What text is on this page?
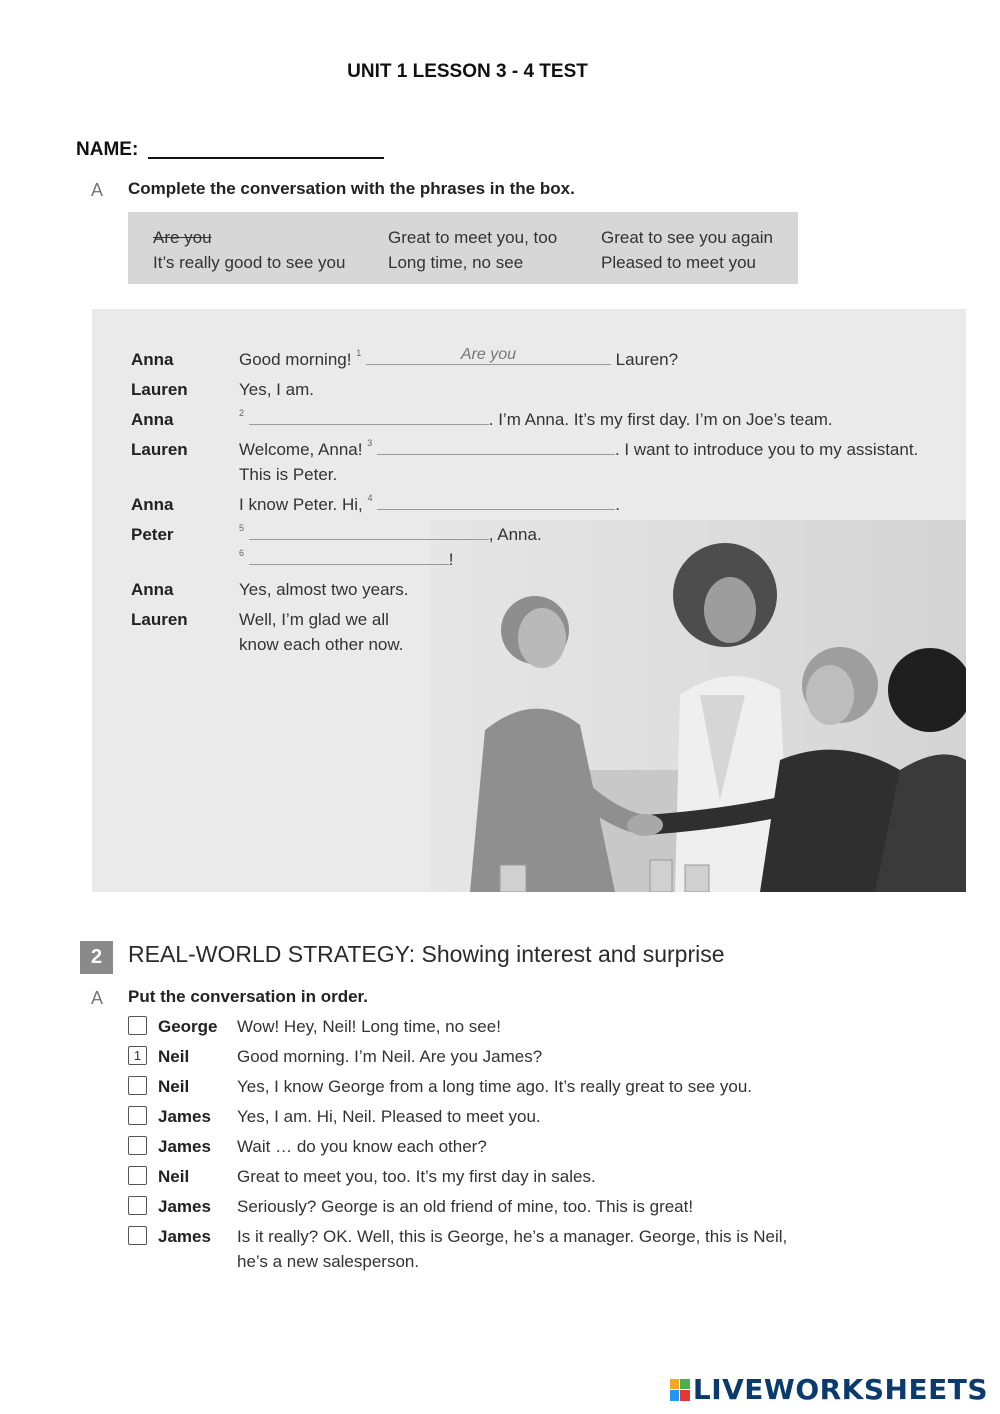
UNIT 1 LESSON 3 - 4 TEST
NAME:
A Complete the conversation with the phrases in the box.
Are you	Great to meet you, too	Great to see you again
It’s really good to see you	Long time, no see	Pleased to meet you
Anna	Good morning! $^1$	Are you	Lauren?
Lauren	Yes, I am.
Anna	$^2$	. I’m Anna. It’s my first day. I’m on Joe’s team.
Lauren	Welcome, Anna! $^3$	. I want to introduce you to my assistant.
This is Peter.
Anna	I know Peter. Hi, $^4$	.
Peter	$^5$	, Anna.
$^6$	!
Anna	Yes, almost two years.
Lauren	Well, I’m glad we all
know each other now.
2	REAL-WORLD STRATEGY: Showing interest and surprise
A Put the conversation in order.
George Wow! Hey, Neil! Long time, no see!
1 Neil	Good morning. I’m Neil. Are you James?
Neil	Yes, I know George from a long time ago. It’s really great to see you.
James Yes, I am. Hi, Neil. Pleased to meet you.
James Wait … do you know each other?
Neil	Great to meet you, too. It’s my first day in sales.
James Seriously? George is an old friend of mine, too. This is great!
James Is it really? OK. Well, this is George, he’s a manager. George, this is Neil,
he’s a new salesperson.
LIVEWORKSHEETS
